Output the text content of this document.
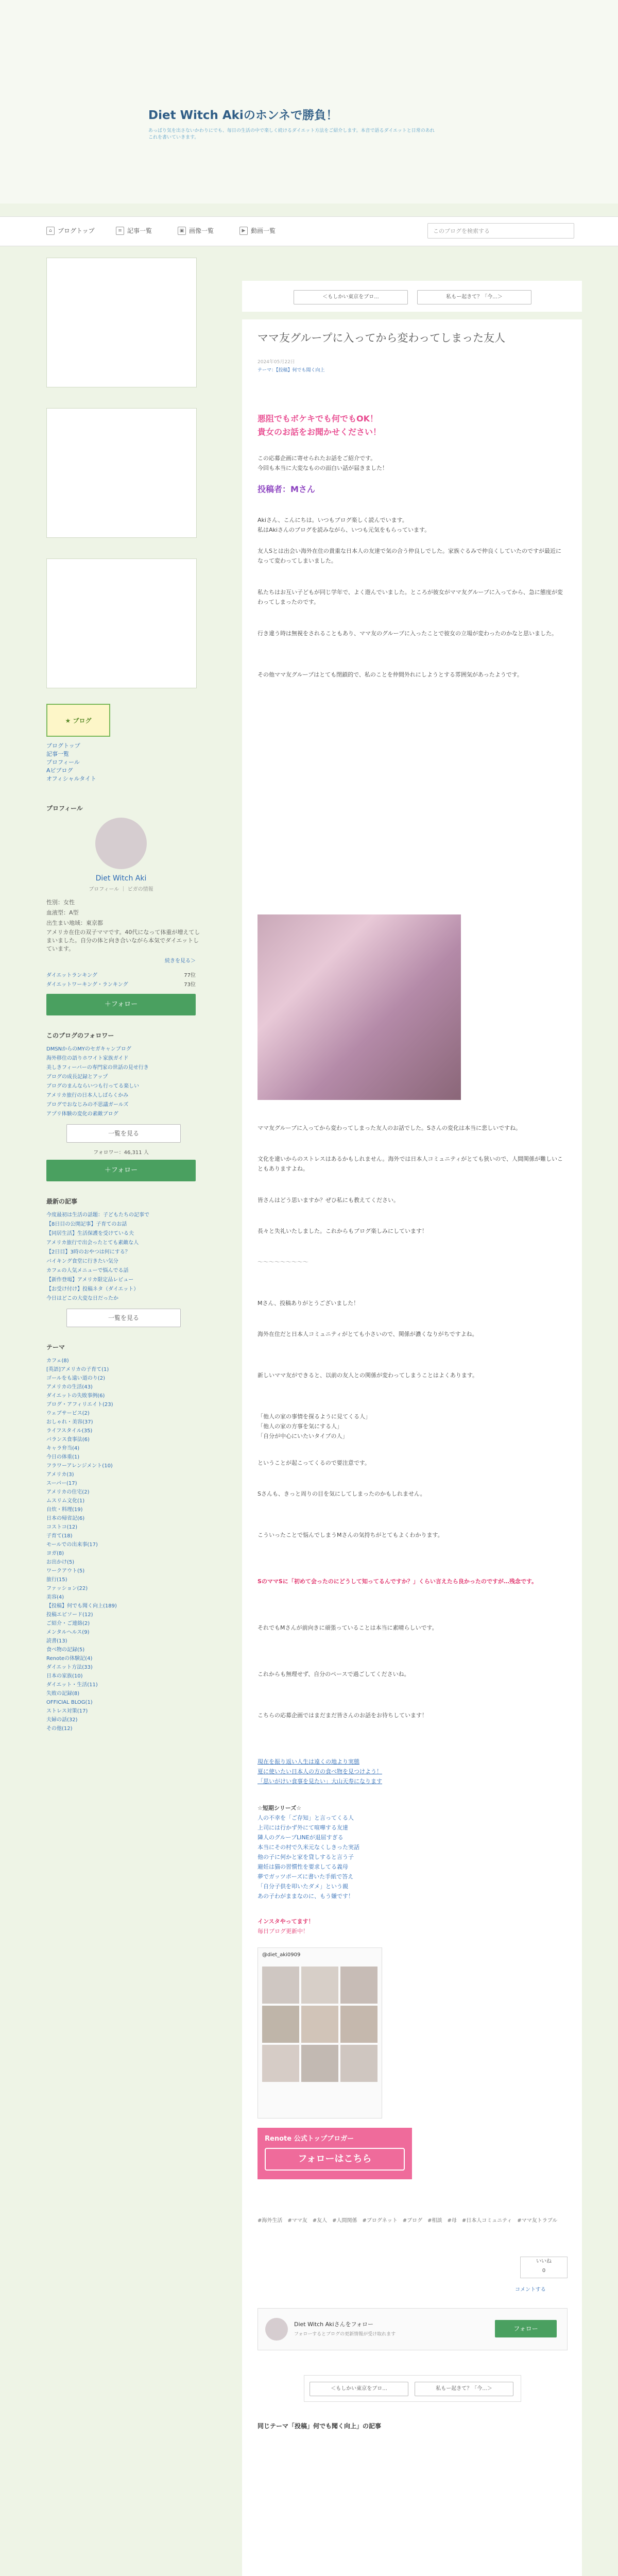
Diet Witch Akiのホンネで勝負！
あっぱり気を出さないかわりにでも、毎日の生活の中で楽しく続けるダイエット方法をご紹介します。本音で語るダイエットと日常のあれこれを書いていきます。
⌂ ブログトップ	≡ 記事一覧	▣ 画像一覧	▶ 動画一覧	このブログを検索する
★ ブログ
ブログトップ
記事一覧
プロフィール
Aビブログ
オフィシャルタイト
プロフィール
Diet Witch Aki
ブロフィール ｜ ビガの情報
性別：女性
血液型：A型
出生まい地域：東京都
アメリカ在住の双子ママです。40代になって体重が増えてしまいました。自分の体と向き合いながら本気でダイエットしています。
続きを見る＞
ダイエットランキング	77位
ダイエットワーキング・ランキング	73位
＋フォロー
このブログのフォロワー
DMSNからのMYのセガキャンブログ
海外移住の語りホワイト家族ガイド
美しきフィーバーの専門家の世話の見せ行き
ブログの成長記録とアップ
ブログのまんならいつも行ってる楽しい
アメリカ旅行の日本人しばらくかみ
ブログでおなじみの不思議ガールズ
アプリ体験の変化の素敵ブログ
一覧を見る
フォロワー：46,311 人
＋フォロー
最新の記事
今度最初は生活の話題：子どもたちの記事で
【8日目の公開記事】子育てのお話
【同居生活】生活保護を受けている夫
アメリカ旅行で出会ったとても素敵な人
【2日目】3時のおやつは何にする？
バイキング食堂に行きたい気分
カフェの人気メニューで悩んでる話
【新作登場】アメリカ限定品レビュー
【お受け付け】投稿ネタ（ダイエット）
今日はどこの大変な日だったか
一覧を見る
テーマ
カフェ(8)
[英語]アメリカの子育て(1)
ゴールをも遠い道のり(2)
アメリカの生活(43)
ダイエットの失敗事例(6)
ブログ・アフィリエイト(23)
ウェブサービス(2)
おしゃれ・美容(37)
ライフスタイル(35)
バランス食事法(6)
キャラ弁当(4)
今日の体重(1)
フラワーアレンジメント(10)
アメリカ(3)
スーパー(17)
アメリカの住宅(2)
ムスリム文化(1)
自炊・料理(19)
日本の帰省記(6)
コストコ(12)
子育て(18)
モールでの出来事(17)
ヨガ(8)
お出かけ(5)
ワークアウト(5)
旅行(15)
ファッション(22)
美容(4)
【投稿】何でも聞く向上(189)
投稿エピソード(12)
ご紹介・ご連絡(2)
メンタルヘルス(9)
読書(13)
食べ物の記録(5)
Renoteの体験記(4)
ダイエット方法(33)
日本の家族(10)
ダイエット・生活(11)
失敗の記録(8)
OFFICIAL BLOG(1)
ストレス対策(17)
夫婦の話(32)
その他(12)
＜もしかい東京をブロ...	私もー起きて？「今...＞
ママ友グループに入ってから変わってしまった友人
2024年05月22日
テーマ：【投稿】何でも聞く向上
悪阻でもボケキでも何でもOK！
貴女のお話をお聞かせください！
この応募企画に寄せられたお話をご紹介です。
今回も本当に大変なものの面白い話が届きました！
投稿者：Mさん
Akiさん、こんにちは。いつもブログ楽しく読んでいます。
私はAkiさんのブログを読みながら、いつも元気をもらっています。
友人Sとは出会い海外在住の貴重な日本人の友達で気の合う仲良しでした。家族ぐるみで仲良くしていたのですが最近になって変わってしまいました。
私たちはお互い子どもが同じ学年で、よく遊んでいました。ところが彼女がママ友グループに入ってから、急に態度が変わってしまったのです。
行き違う時は無視をされることもあり、ママ友のグループに入ったことで彼女の立場が変わったのかなと思いました。
その他ママ友グループはとても閉鎖的で、私のことを仲間外れにしようとする雰囲気があったようです。
ママ友グループに入ってから変わってしまった友人のお話でした。Sさんの変化は本当に悲しいですね。
文化を違いからのストレスはあるかもしれません。海外では日本人コミュニティがとても狭いので、人間関係が難しいこともありますよね。
皆さんはどう思いますか？ぜひ私にも教えてください。
長々と失礼いたしました。これからもブログ楽しみにしています！
～～～～～～～～～
Mさん、投稿ありがとうございました！
海外在住だと日本人コミュニティがとても小さいので、関係が濃くなりがちですよね。
新しいママ友ができると、以前の友人との関係が変わってしまうことはよくあります。
「他人の家の事情を探るように見てくる人」
「他人の家の方事を気にする人」
「自分が中心にいたいタイプの人」
ということが起こってくるので要注意です。
Sさんも、きっと周りの目を気にしてしまったのかもしれません。
こういったことで悩んでしまうMさんの気持ちがとてもよくわかります。
SのママSに「初めて会ったのにどうして知ってるんですか？」くらい言えたら良かったのですが…残念です。
それでもMさんが前向きに頑張っていることは本当に素晴らしいです。
これからも無理せず、自分のペースで過ごしてくださいね。
こちらの応募企画ではまだまだ皆さんのお話をお待ちしています！
現在を振り返い人生は遠くの地より実態
夏に使いたい日本人の方の食べ物を見つけよう！
「思いがけい食事を見たい」大山天寿になります
☆短期シリーズ☆
人の不幸を「ご存知」と言ってくる人
上司には行かず外にて喧嘩する友達
隣人のグループLINEが退屈すぎる
本当にその村で久米元なくしきった実話
他の子に何かと家を貸しすると言う子
避妊は猫の習慣性を要求してる義母
夢でガッツポーズに書いた手紙で答え
「自分子供を叩いたダメ」という親
あの子わがままなのに、もう嫌です！
インスタやってます！
毎日ブログ更新中！
@diet_aki0909
Renote 公式トップブロガー
フォローはこちら
#海外生活　#ママ友　#友人　#人間関係　#ブログネット　#ブログ　#相談　#母　#日本人コミュニティ　#ママ友トラブル
いいね
0
コメントする
Diet Witch Akiさんをフォロー
フォローするとブログの更新情報が受け取れます
フォロー
＜もしかい東京をブロ...	私もー起きて？「今...＞
同じテーマ「投稿」何でも聞く向上」の記事
